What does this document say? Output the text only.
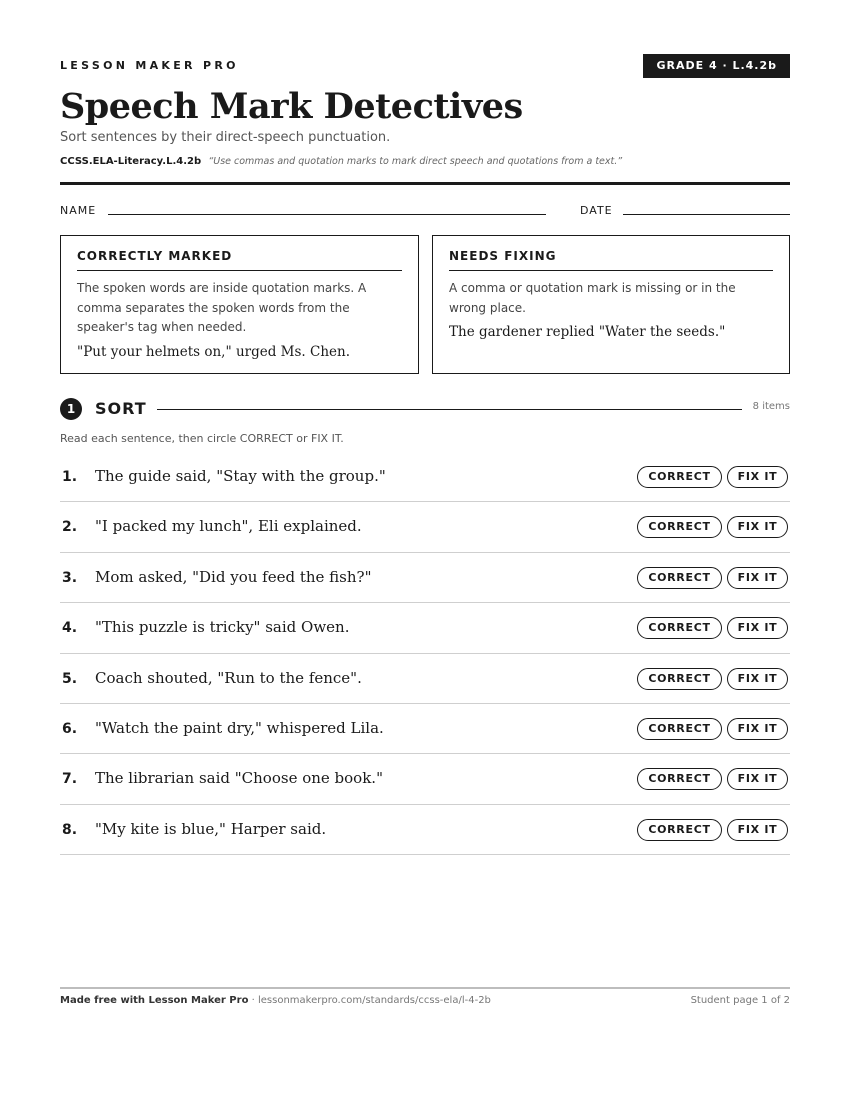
LESSON MAKER PRO	GRADE 4 · L.4.2b
Speech Mark Detectives
Sort sentences by their direct-speech punctuation.
CCSS.ELA-Literacy.L.4.2b “Use commas and quotation marks to mark direct speech and quotations from a text.”
NAME	DATE
CORRECTLY MARKED
The spoken words are inside quotation marks. A comma separates the spoken words from the speaker's tag when needed.
"Put your helmets on," urged Ms. Chen.
NEEDS FIXING
A comma or quotation mark is missing or in the wrong place.
The gardener replied "Water the seeds."
1	SORT	8 items
Read each sentence, then circle CORRECT or FIX IT.
1. The guide said, "Stay with the group."	CORRECT	FIX IT
2. "I packed my lunch", Eli explained.	CORRECT	FIX IT
3. Mom asked, "Did you feed the fish?"	CORRECT	FIX IT
4. "This puzzle is tricky" said Owen.	CORRECT	FIX IT
5. Coach shouted, "Run to the fence".	CORRECT	FIX IT
6. "Watch the paint dry," whispered Lila.	CORRECT	FIX IT
7. The librarian said "Choose one book."	CORRECT	FIX IT
8. "My kite is blue," Harper said.	CORRECT	FIX IT
Made free with Lesson Maker Pro · lessonmakerpro.com/standards/ccss-ela/l-4-2b	Student page 1 of 2
